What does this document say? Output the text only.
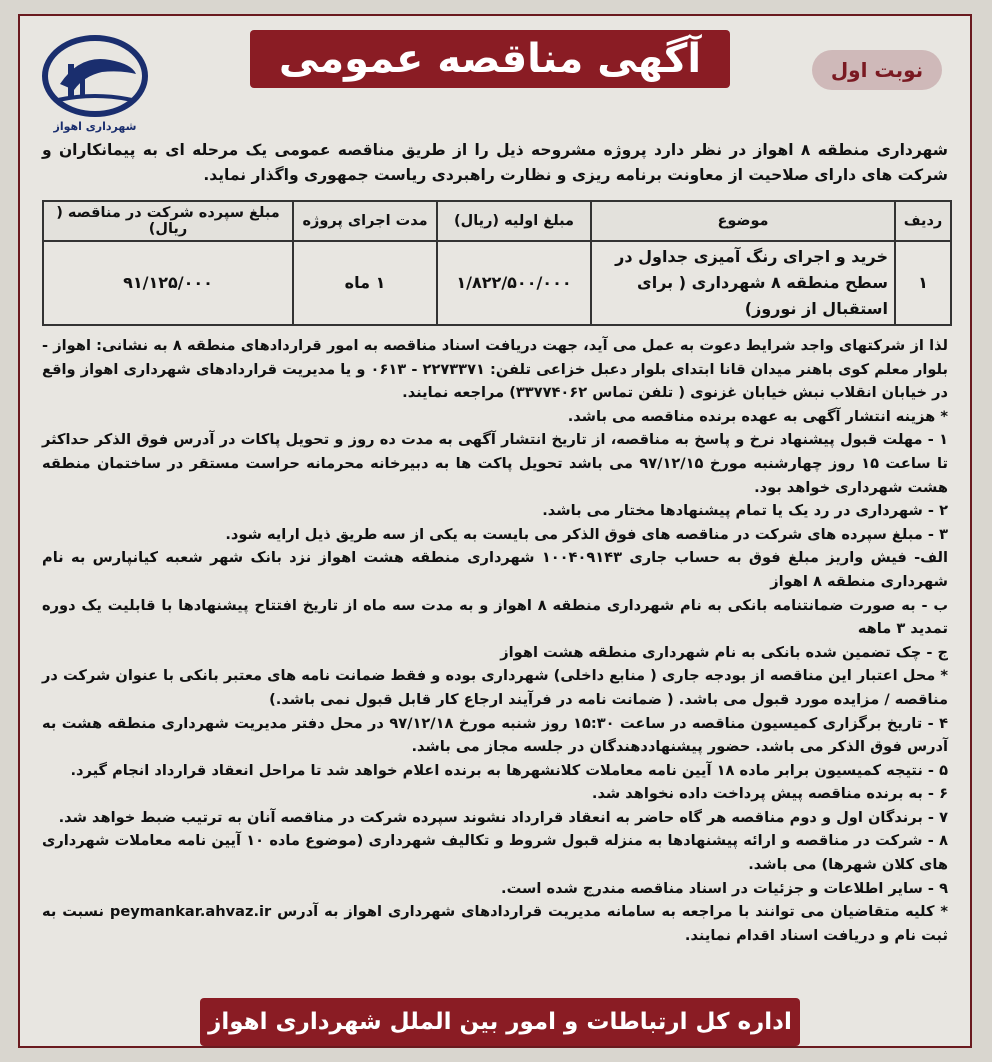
شهرداری اهواز
آگهی مناقصه عمومی	نوبت اول
شهرداری منطقه ۸ اهواز در نظر دارد پروژه مشروحه ذیل را از طریق مناقصه عمومی یک مرحله ای به پیمانکاران و شرکت های دارای صلاحیت از معاونت برنامه ریزی و نظارت راهبردی ریاست جمهوری واگذار نماید.
ردیف	موضوع	مبلغ اولیه (ریال)	مدت اجرای پروژه	مبلغ سپرده شرکت در مناقصه ( ریال)
۱	خرید و اجرای رنگ آمیزی جداول در سطح منطقه ۸ شهرداری ( برای استقبال از نوروز)	۱/۸۲۲/۵۰۰/۰۰۰	۱ ماه	۹۱/۱۲۵/۰۰۰

لذا از شرکتهای واجد شرایط دعوت به عمل می آید، جهت دریافت اسناد مناقصه به امور قراردادهای منطقه ۸ به نشانی: اهواز - بلوار معلم کوی باهنر میدان قانا ابتدای بلوار دعبل خزاعی تلفن: ۲۲۷۳۳۷۱ - ۰۶۱۳ و یا مدیریت قراردادهای شهرداری اهواز واقع در خیابان انقلاب نبش خیابان غزنوی ( تلفن تماس ۳۳۷۷۴۰۶۲) مراجعه نمایند.

* هزینه انتشار آگهی به عهده برنده مناقصه می باشد.

۱ - مهلت قبول پیشنهاد نرخ و پاسخ به مناقصه، از تاریخ انتشار آگهی به مدت ده روز و تحویل پاکات در آدرس فوق الذکر حداکثر تا ساعت ۱۵ روز چهارشنبه مورخ ۹۷/۱۲/۱۵ می باشد تحویل پاکت ها به دبیرخانه محرمانه حراست مستقر در ساختمان منطقه هشت شهرداری خواهد بود.

۲ - شهرداری در رد یک یا تمام پیشنهادها مختار می باشد.

۳ - مبلغ سپرده های شرکت در مناقصه های فوق الذکر می بایست به یکی از سه طریق ذیل ارایه شود.

الف- فیش واریز مبلغ فوق به حساب جاری ۱۰۰۴۰۹۱۴۳ شهرداری منطقه هشت اهواز نزد بانک شهر شعبه کیانپارس به نام شهرداری منطقه ۸ اهواز

ب - به صورت ضمانتنامه بانکی به نام شهرداری منطقه ۸ اهواز و به مدت سه ماه از تاریخ افتتاح پیشنهادها با قابلیت یک دوره تمدید ۳ ماهه

ج - چک تضمین شده بانکی به نام شهرداری منطقه هشت اهواز

* محل اعتبار این مناقصه از بودجه جاری ( منابع داخلی) شهرداری بوده و فقط ضمانت نامه های معتبر بانکی با عنوان شرکت در مناقصه / مزایده مورد قبول می باشد. ( ضمانت نامه در فرآیند ارجاع کار قابل قبول نمی باشد.)

۴ - تاریخ برگزاری کمیسیون مناقصه در ساعت ۱۵:۳۰ روز شنبه مورخ ۹۷/۱۲/۱۸ در محل دفتر مدیریت شهرداری منطقه هشت به آدرس فوق الذکر می باشد. حضور پیشنهاددهندگان در جلسه مجاز می باشد.

۵ - نتیجه کمیسیون برابر ماده ۱۸ آیین نامه معاملات کلانشهرها به برنده اعلام خواهد شد تا مراحل انعقاد قرارداد انجام گیرد.

۶ - به برنده مناقصه پیش پرداخت داده نخواهد شد.

۷ - برندگان اول و دوم مناقصه هر گاه حاضر به انعقاد قرارداد نشوند سپرده شرکت در مناقصه آنان به ترتیب ضبط خواهد شد.

۸ - شرکت در مناقصه و ارائه پیشنهادها به منزله قبول شروط و تکالیف شهرداری (موضوع ماده ۱۰ آیین نامه معاملات شهرداری های کلان شهرها) می باشد.

۹ - سایر اطلاعات و جزئیات در اسناد مناقصه مندرج شده است.

* کلیه متقاضیان می توانند با مراجعه به سامانه مدیریت قراردادهای شهرداری اهواز به آدرس peymankar.ahvaz.ir نسبت به ثبت نام و دریافت اسناد اقدام نمایند.

اداره کل ارتباطات و امور بین الملل شهرداری اهواز
